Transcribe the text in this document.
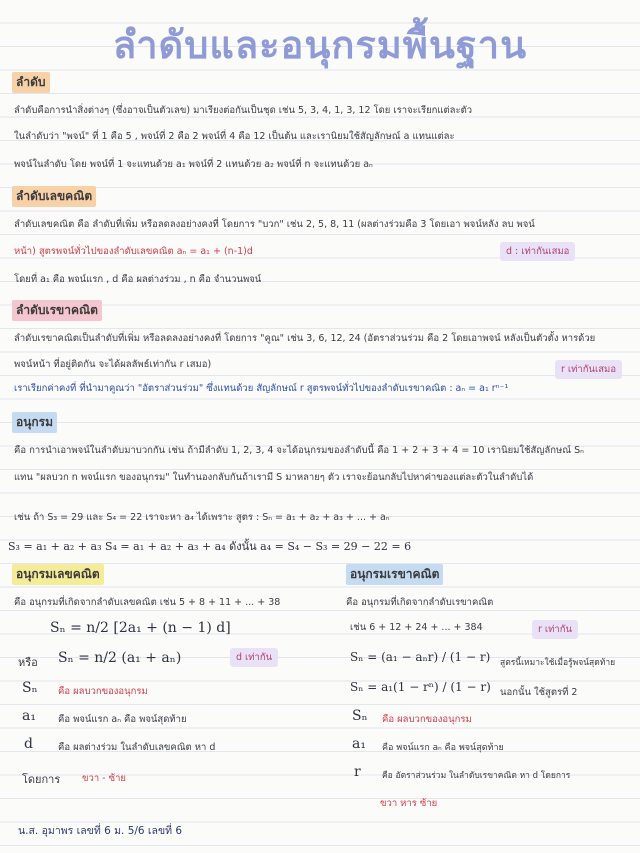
ลำดับและอนุกรมพื้นฐาน
ลำดับ
ลำดับคือการนำสิ่งต่างๆ (ซึ่งอาจเป็นตัวเลข) มาเรียงต่อกันเป็นชุด เช่น 5, 3, 4, 1, 3, 12 โดย เราจะเรียกแต่ละตัว
ในลำดับว่า "พจน์" ที่ 1 คือ 5 , พจน์ที่ 2 คือ 2 พจน์ที่ 4 คือ 12 เป็นต้น และเรานิยมใช้สัญลักษณ์ a แทนแต่ละ
พจน์ในลำดับ โดย พจน์ที่ 1 จะแทนด้วย a₁ พจน์ที่ 2 แทนด้วย a₂ พจน์ที่ n จะแทนด้วย aₙ
ลำดับเลขคณิต
ลำดับเลขคณิต คือ ลำดับที่เพิ่ม หรือลดลงอย่างคงที่ โดยการ "บวก" เช่น 2, 5, 8, 11 (ผลต่างร่วมคือ 3 โดยเอา พจน์หลัง ลบ พจน์
หน้า) สูตรพจน์ทั่วไปของลำดับเลขคณิต aₙ = a₁ + (n-1)d	d : เท่ากันเสมอ
โดยที่ a₁ คือ พจน์แรก , d คือ ผลต่างร่วม , n คือ จำนวนพจน์
ลำดับเรขาคณิต
ลำดับเรขาคณิตเป็นลำดับที่เพิ่ม หรือลดลงอย่างคงที่ โดยการ "คูณ" เช่น 3, 6, 12, 24 (อัตราส่วนร่วม คือ 2 โดยเอาพจน์ หลังเป็นตัวตั้ง หารด้วย
พจน์หน้า ที่อยู่ติดกัน จะได้ผลลัพธ์เท่ากัน r เสมอ)	r เท่ากันเสมอ
เราเรียกค่าคงที่ ที่นำมาคูณว่า "อัตราส่วนร่วม" ซึ่งแทนด้วย สัญลักษณ์ r สูตรพจน์ทั่วไปของลำดับเรขาคณิต : aₙ = a₁ rⁿ⁻¹
อนุกรม
คือ การนำเอาพจน์ในลำดับมาบวกกัน เช่น ถ้ามีลำดับ 1, 2, 3, 4 จะได้อนุกรมของลำดับนี้ คือ 1 + 2 + 3 + 4 = 10 เรานิยมใช้สัญลักษณ์ Sₙ
แทน "ผลบวก n พจน์แรก ของอนุกรม" ในทำนองกลับกันถ้าเรามี S มาหลายๆ ตัว เราจะย้อนกลับไปหาค่าของแต่ละตัวในลำดับได้
เช่น ถ้า S₃ = 29 และ S₄ = 22 เราจะหา a₄ ได้เพราะ สูตร : Sₙ = a₁ + a₂ + a₃ + ... + aₙ
S₃ = a₁ + a₂ + a₃ S₄ = a₁ + a₂ + a₃ + a₄ ดังนั้น a₄ = S₄ − S₃ = 29 − 22 = 6
อนุกรมเลขคณิต
คือ อนุกรมที่เกิดจากลำดับเลขคณิต เช่น 5 + 8 + 11 + ... + 38
Sₙ = n/2 [2a₁ + (n − 1) d]
หรือ Sₙ = n/2 (a₁ + aₙ)	d เท่ากัน
Sₙ คือ ผลบวกของอนุกรม
a₁ คือ พจน์แรก aₙ คือ พจน์สุดท้าย
d	คือ ผลต่างร่วม ในลำดับเลขคณิต หา d
โดยการ ขวา - ซ้าย
อนุกรมเรขาคณิต
คือ อนุกรมที่เกิดจากลำดับเรขาคณิต
เช่น 6 + 12 + 24 + ... + 384	r เท่ากัน
Sₙ = (a₁ − aₙr) / (1 − r) สูตรนี้เหมาะใช้เมื่อรู้พจน์สุดท้าย
Sₙ = a₁(1 − rⁿ) / (1 − r) นอกนั้น ใช้สูตรที่ 2
Sₙ คือ ผลบวกของอนุกรม
a₁ คือ พจน์แรก aₙ คือ พจน์สุดท้าย
r	คือ อัตราส่วนร่วม ในลำดับเรขาคณิต หา d โดยการ
ขวา หาร ซ้าย
น.ส. อุมาพร เลขที่ 6 ม. 5/6 เลขที่ 6
